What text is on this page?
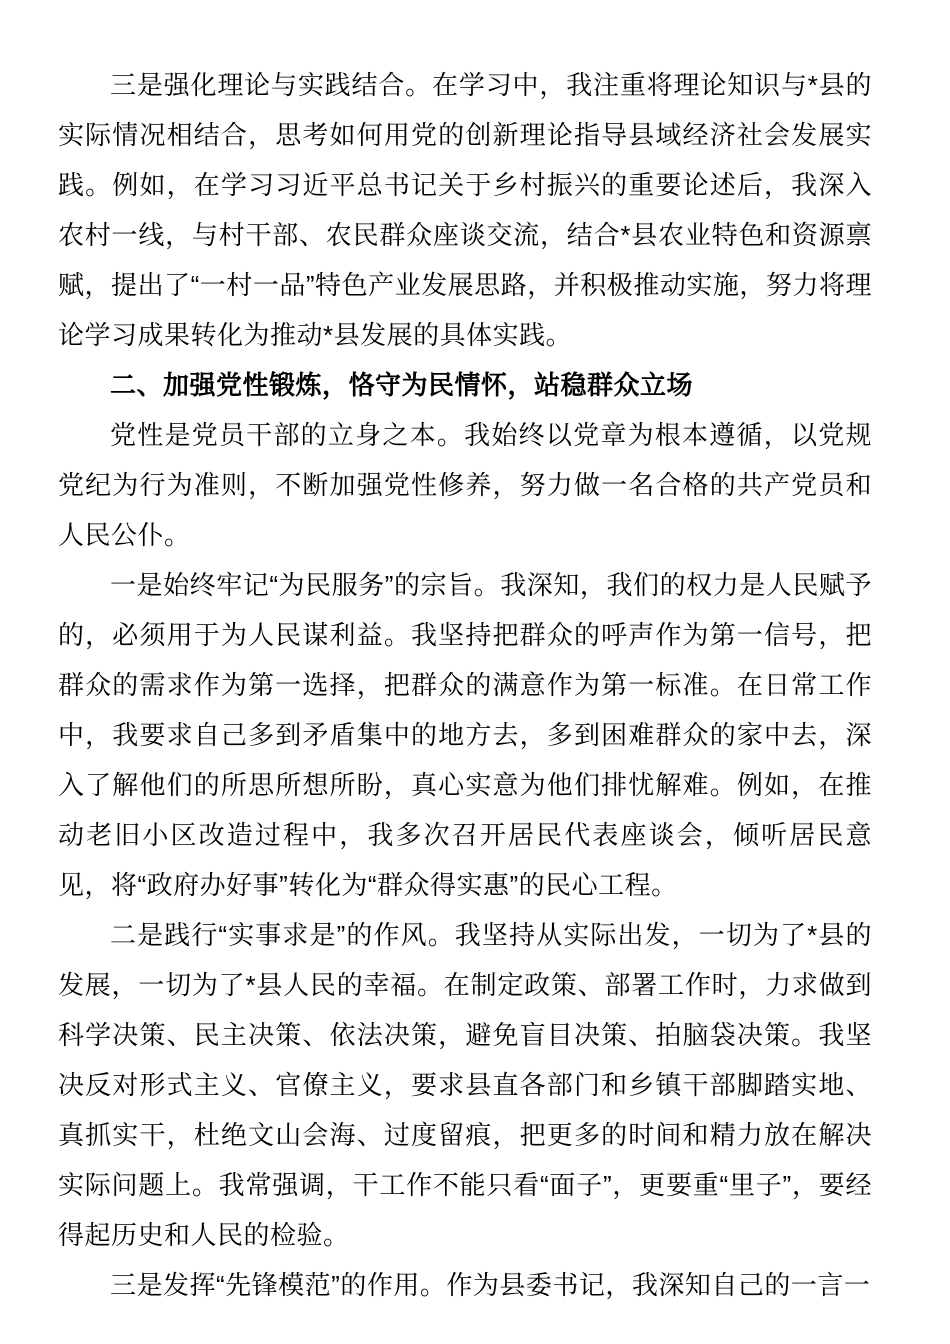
三是强化理论与实践结合。在学习中，我注重将理论知识与*县的实际情况相结合，思考如何用党的创新理论指导县域经济社会发展实践。例如，在学习习近平总书记关于乡村振兴的重要论述后，我深入农村一线，与村干部、农民群众座谈交流，结合*县农业特色和资源禀赋，提出了“一村一品”特色产业发展思路，并积极推动实施，努力将理论学习成果转化为推动*县发展的具体实践。

二、加强党性锻炼，恪守为民情怀，站稳群众立场

党性是党员干部的立身之本。我始终以党章为根本遵循，以党规党纪为行为准则，不断加强党性修养，努力做一名合格的共产党员和人民公仆。

一是始终牢记“为民服务”的宗旨。我深知，我们的权力是人民赋予的，必须用于为人民谋利益。我坚持把群众的呼声作为第一信号，把群众的需求作为第一选择，把群众的满意作为第一标准。在日常工作中，我要求自己多到矛盾集中的地方去，多到困难群众的家中去，深入了解他们的所思所想所盼，真心实意为他们排忧解难。例如，在推动老旧小区改造过程中，我多次召开居民代表座谈会，倾听居民意见，将“政府办好事”转化为“群众得实惠”的民心工程。

二是践行“实事求是”的作风。我坚持从实际出发，一切为了*县的发展，一切为了*县人民的幸福。在制定政策、部署工作时，力求做到科学决策、民主决策、依法决策，避免盲目决策、拍脑袋决策。我坚决反对形式主义、官僚主义，要求县直各部门和乡镇干部脚踏实地、真抓实干，杜绝文山会海、过度留痕，把更多的时间和精力放在解决实际问题上。我常强调，干工作不能只看“面子”，更要重“里子”，要经得起历史和人民的检验。

三是发挥“先锋模范”的作用。作为县委书记，我深知自己的一言一
